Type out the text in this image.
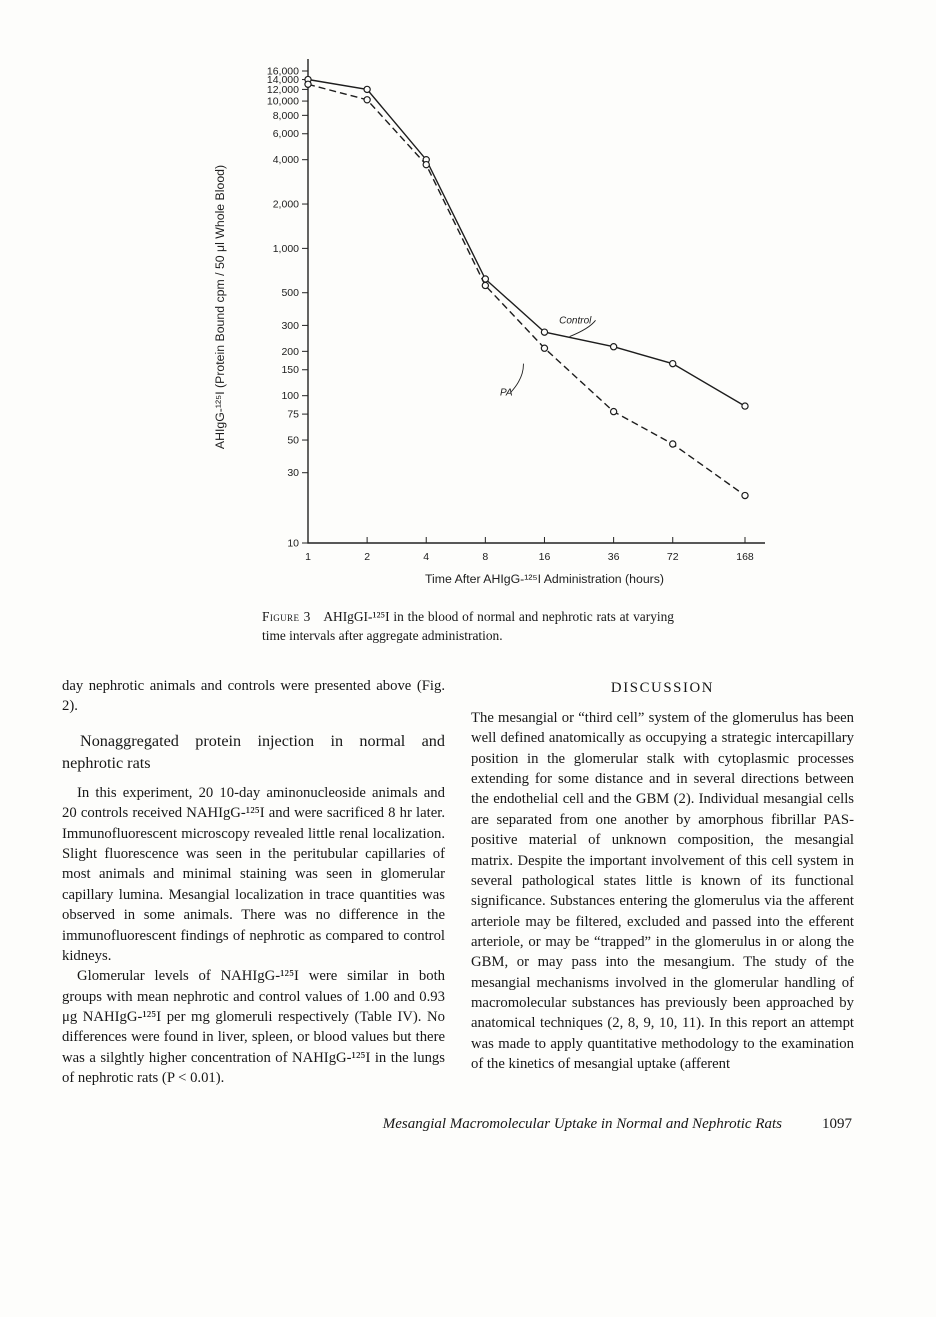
16,000
14,000
12,000
10,000
8,000
6,000
4,000
2,000
1,000
500
300
200
150
100
75
50
30
10
1	2	4	8	16	36	72	168
Control
PA
Time After AHIgG-¹²⁵I Administration (hours)
AHIgG-¹²⁵I (Protein Bound cpm / 50 μl Whole Blood)
Figure 3 AHIgGI-¹²⁵I in the blood of normal and nephrotic rats at varying time intervals after aggregate administration.

day nephrotic animals and controls were presented above (Fig. 2).

Nonaggregated protein injection in normal and nephrotic rats

In this experiment, 20 10-day aminonucleoside animals and 20 controls received NAHIgG-¹²⁵I and were sacrificed 8 hr later. Immunofluorescent microscopy revealed little renal localization. Slight fluorescence was seen in the peritubular capillaries of most animals and minimal staining was seen in glomerular capillary lumina. Mesangial localization in trace quantities was observed in some animals. There was no difference in the immunofluorescent findings of nephrotic as compared to control kidneys.

Glomerular levels of NAHIgG-¹²⁵I were similar in both groups with mean nephrotic and control values of 1.00 and 0.93 μg NAHIgG-¹²⁵I per mg glomeruli respectively (Table IV). No differences were found in liver, spleen, or blood values but there was a silghtly higher concentration of NAHIgG-¹²⁵I in the lungs of nephrotic rats (P < 0.01).

DISCUSSION

The mesangial or “third cell” system of the glomerulus has been well defined anatomically as occupying a strategic intercapillary position in the glomerular stalk with cytoplasmic processes extending for some distance and in several directions between the endothelial cell and the GBM (2). Individual mesangial cells are separated from one another by amorphous fibrillar PAS-positive material of unknown composition, the mesangial matrix. Despite the important involvement of this cell system in several pathological states little is known of its functional significance. Substances entering the glomerulus via the afferent arteriole may be filtered, excluded and passed into the efferent arteriole, or may be “trapped” in the glomerulus in or along the GBM, or may pass into the mesangium. The study of the mesangial mechanisms involved in the glomerular handling of macromolecular substances has previously been approached by anatomical techniques (2, 8, 9, 10, 11). In this report an attempt was made to apply quantitative methodology to the examination of the kinetics of mesangial uptake (afferent

Mesangial Macromolecular Uptake in Normal and Nephrotic Rats	1097
